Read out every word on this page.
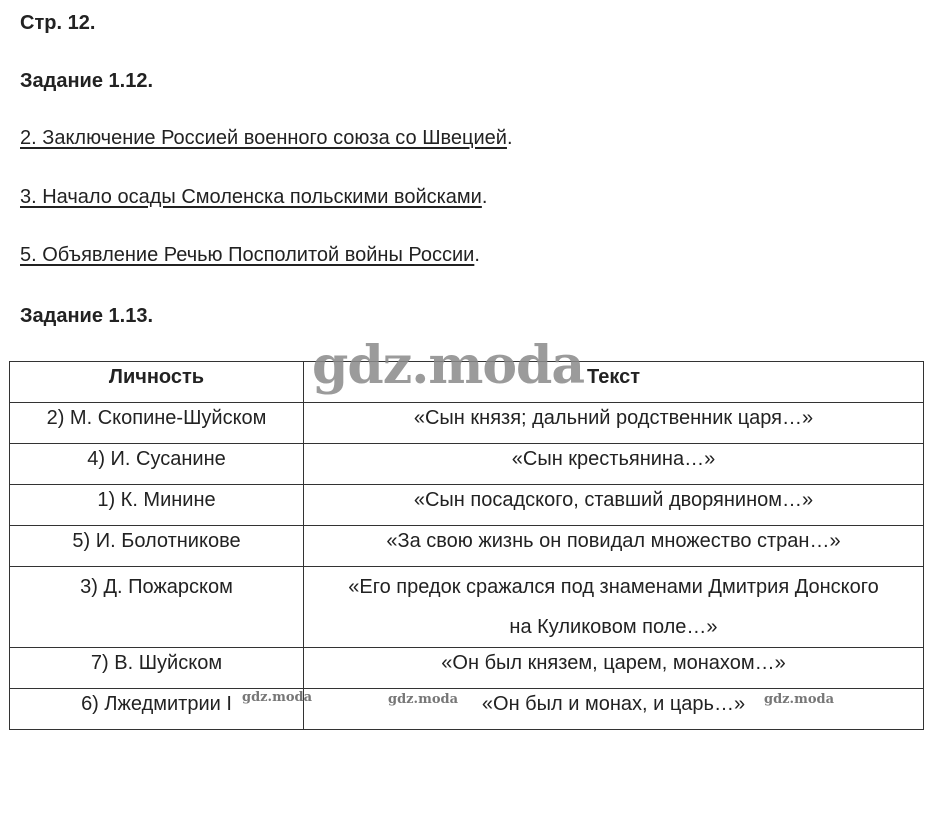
Стр. 12.
Задание 1.12.
2. Заключение Россией военного союза со Швецией.
3. Начало осады Смоленска польскими войсками.
5. Объявление Речью Посполитой войны России.
Задание 1.13.
Личность	Текст
2) М. Скопине-Шуйском	«Сын князя; дальний родственник царя…»
4) И. Сусанине	«Сын крестьянина…»
1) К. Минине	«Сын посадского, ставший дворянином…»
5) И. Болотникове	«За свою жизнь он повидал множество стран…»
3) Д. Пожарском	«Его предок сражался под знаменами Дмитрия Донского на Куликовом поле…»
7) В. Шуйском	«Он был князем, царем, монахом…»
6) Лжедмитрии I	«Он был и монах, и царь…»
gdz.moda
gdz.moda	gdz.moda	gdz.moda
